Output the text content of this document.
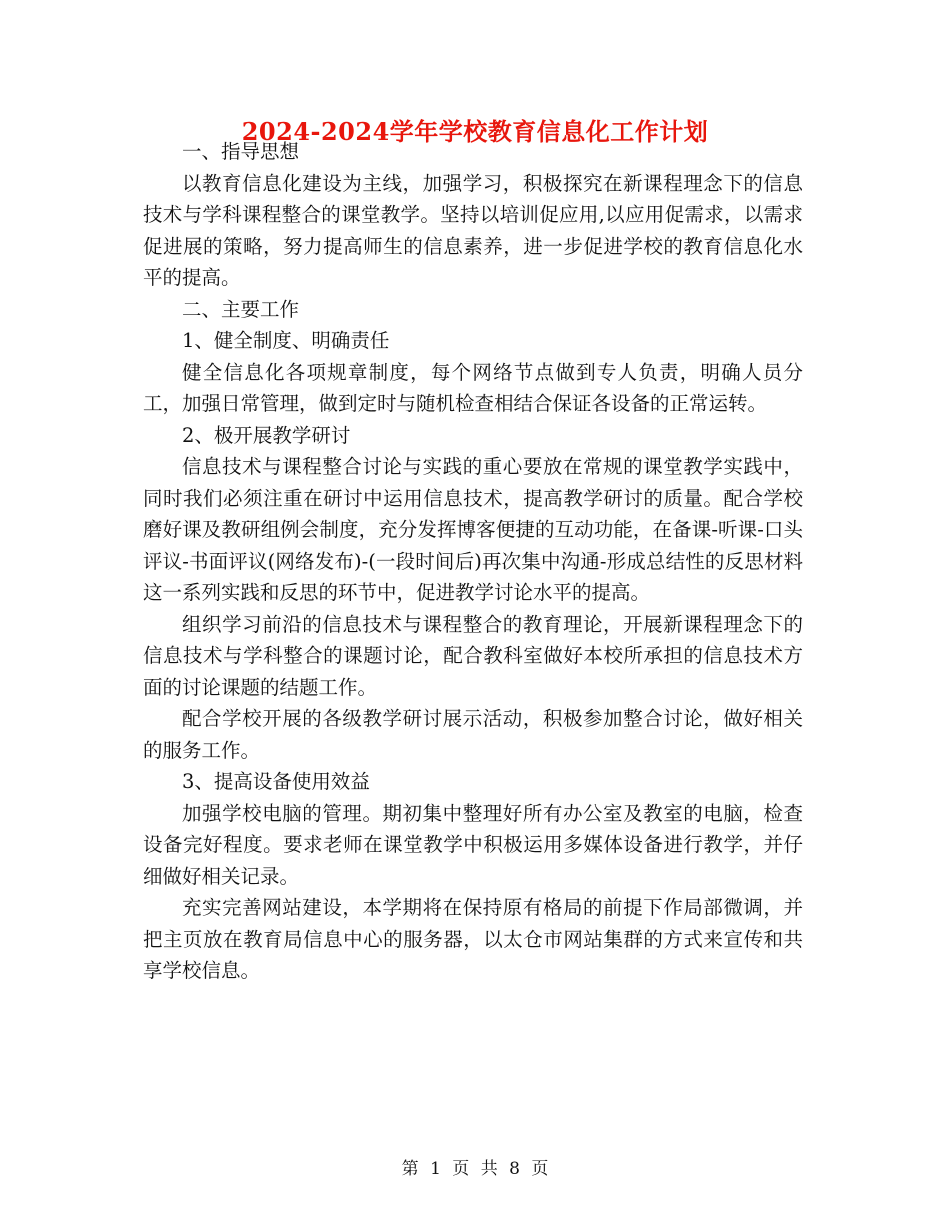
2024-2024学年学校教育信息化工作计划

一、指导思想

以教育信息化建设为主线，加强学习，积极探究在新课程理念下的信息技术与学科课程整合的课堂教学。坚持以培训促应用,以应用促需求，以需求促进展的策略，努力提高师生的信息素养，进一步促进学校的教育信息化水平的提高。

二、主要工作

1、健全制度、明确责任

健全信息化各项规章制度，每个网络节点做到专人负责，明确人员分工，加强日常管理，做到定时与随机检查相结合保证各设备的正常运转。

2、极开展教学研讨

信息技术与课程整合讨论与实践的重心要放在常规的课堂教学实践中，同时我们必须注重在研讨中运用信息技术，提高教学研讨的质量。配合学校磨好课及教研组例会制度，充分发挥博客便捷的互动功能，在备课-听课-口头评议-书面评议(网络发布)-(一段时间后)再次集中沟通-形成总结性的反思材料这一系列实践和反思的环节中，促进教学讨论水平的提高。

组织学习前沿的信息技术与课程整合的教育理论，开展新课程理念下的信息技术与学科整合的课题讨论，配合教科室做好本校所承担的信息技术方面的讨论课题的结题工作。

配合学校开展的各级教学研讨展示活动，积极参加整合讨论，做好相关的服务工作。

3、提高设备使用效益

加强学校电脑的管理。期初集中整理好所有办公室及教室的电脑，检查设备完好程度。要求老师在课堂教学中积极运用多媒体设备进行教学，并仔细做好相关记录。

充实完善网站建设，本学期将在保持原有格局的前提下作局部微调，并把主页放在教育局信息中心的服务器，以太仓市网站集群的方式来宣传和共享学校信息。

第 1 页 共 8 页
